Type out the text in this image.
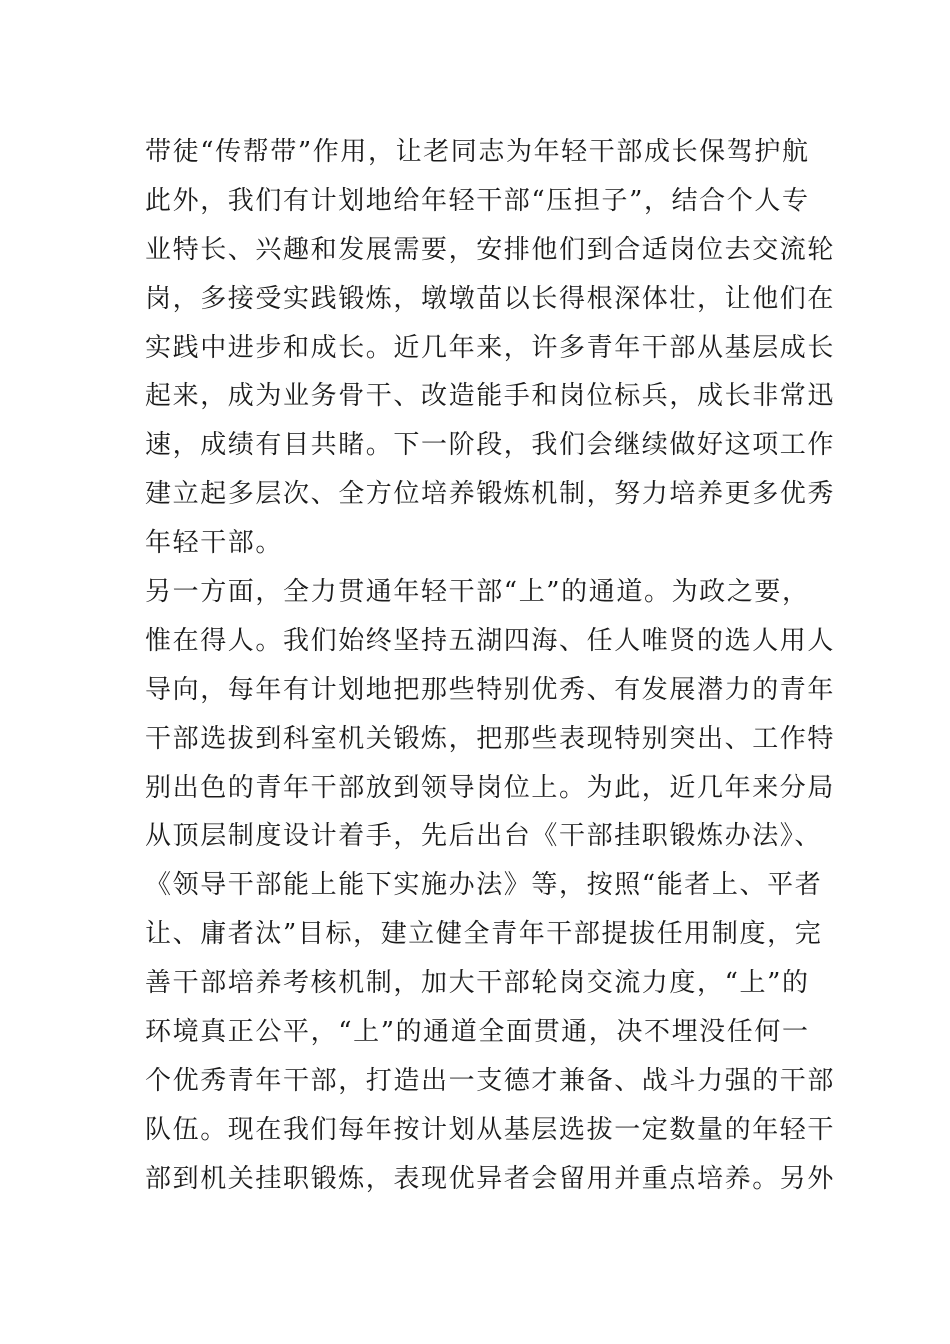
带徒“传帮带”作用，让老同志为年轻干部成长保驾护航
此外，我们有计划地给年轻干部“压担子”，结合个人专
业特长、兴趣和发展需要，安排他们到合适岗位去交流轮
岗，多接受实践锻炼，墩墩苗以长得根深体壮，让他们在
实践中进步和成长。近几年来，许多青年干部从基层成长
起来，成为业务骨干、改造能手和岗位标兵，成长非常迅
速，成绩有目共睹。下一阶段，我们会继续做好这项工作
建立起多层次、全方位培养锻炼机制，努力培养更多优秀
年轻干部。
另一方面，全力贯通年轻干部“上”的通道。为政之要，
惟在得人。我们始终坚持五湖四海、任人唯贤的选人用人
导向，每年有计划地把那些特别优秀、有发展潜力的青年
干部选拔到科室机关锻炼，把那些表现特别突出、工作特
别出色的青年干部放到领导岗位上。为此，近几年来分局
从顶层制度设计着手，先后出台《干部挂职锻炼办法》、
《领导干部能上能下实施办法》等，按照“能者上、平者
让、庸者汰”目标，建立健全青年干部提拔任用制度，完
善干部培养考核机制，加大干部轮岗交流力度，“上”的
环境真正公平，“上”的通道全面贯通，决不埋没任何一
个优秀青年干部，打造出一支德才兼备、战斗力强的干部
队伍。现在我们每年按计划从基层选拔一定数量的年轻干
部到机关挂职锻炼，表现优异者会留用并重点培养。另外
